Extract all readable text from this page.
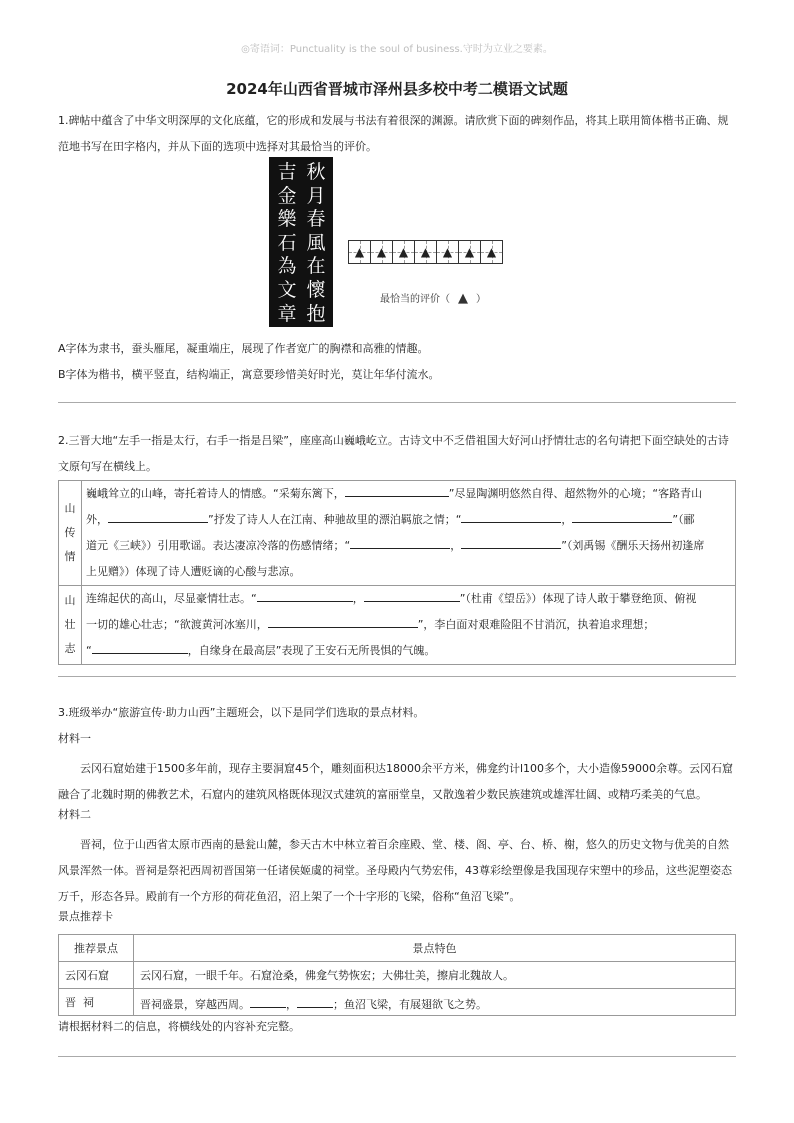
◎寄语词：Punctuality is the soul of business.守时为立业之要素。
2024年山西省晋城市泽州县多校中考二模语文试题
1.碑帖中蕴含了中华文明深厚的文化底蕴，它的形成和发展与书法有着很深的渊源。请欣赏下面的碑刻作品，将其上联用简体楷书正确、规范地书写在田字格内，并从下面的选项中选择对其最恰当的评价。
秋
月
春
風
在
懷
抱
吉
金
樂
石
為
文
章
▲ ▲ ▲ ▲ ▲ ▲ ▲
最恰当的评价（ ▲ ）
A字体为隶书，蚕头雁尾，凝重端庄，展现了作者宽广的胸襟和高雅的情趣。
B字体为楷书，横平竖直，结构端正，寓意要珍惜美好时光，莫让年华付流水。
2.三晋大地“左手一指是太行，右手一指是吕梁”，座座高山巍峨屹立。古诗文中不乏借祖国大好河山抒情壮志的名句请把下面空缺处的古诗文原句写在横线上。
山传情	巍峨耸立的山峰，寄托着诗人的情感。“采菊东篱下， ”尽显陶渊明悠然自得、超然物外的心境；“客路青山
外， ”抒发了诗人人在江南、种驰故里的漂泊羁旅之情；“ ， ”（郦
道元《三峡》）引用歌谣。表达凄凉冷落的伤感情绪；“ ， ”（刘禹锡《酬乐天扬州初逢席
上见赠》）体现了诗人遭贬谪的心酸与悲凉。

山壮志	连绵起伏的高山，尽显豪情壮志。“ ， ”（杜甫《望岳》）体现了诗人敢于攀登绝顶、俯视
一切的雄心壮志；“欲渡黄河冰塞川， ”，李白面对艰难险阻不甘消沉，执着追求理想；
“ ，自缘身在最高层”表现了王安石无所畏惧的气魄。
3.班级举办“旅游宣传·助力山西”主题班会，以下是同学们选取的景点材料。
材料一
云冈石窟始建于1500多年前，现存主要洞窟45个，雕刻面积达18000余平方米，佛龛约计l100多个，大小造像59000余尊。云冈石窟融合了北魏时期的佛教艺术，石窟内的建筑风格既体现汉式建筑的富丽堂皇，又散逸着少数民族建筑或雄浑壮阔、或精巧柔美的气息。
材料二
晋祠，位于山西省太原市西南的悬瓮山麓，参天古木中林立着百余座殿、堂、楼、阁、亭、台、桥、榭，悠久的历史文物与优美的自然风景浑然一体。晋祠是祭祀西周初晋国第一任诸侯姬虞的祠堂。圣母殿内气势宏伟，43尊彩绘塑像是我国现存宋塑中的珍品，这些泥塑姿态万千，形态各异。殿前有一个方形的荷花鱼沼，沼上架了一个十字形的飞梁，俗称“鱼沼飞梁”。
景点推荐卡
推荐景点	景点特色
云冈石窟	云冈石窟，一眼千年。石窟沧桑，佛龛气势恢宏；大佛壮美，擦肩北魏故人。
晋  祠	晋祠盛景，穿越西周。 ， ；鱼沼飞梁，有展翅欲飞之势。
请根据材料二的信息，将横线处的内容补充完整。
